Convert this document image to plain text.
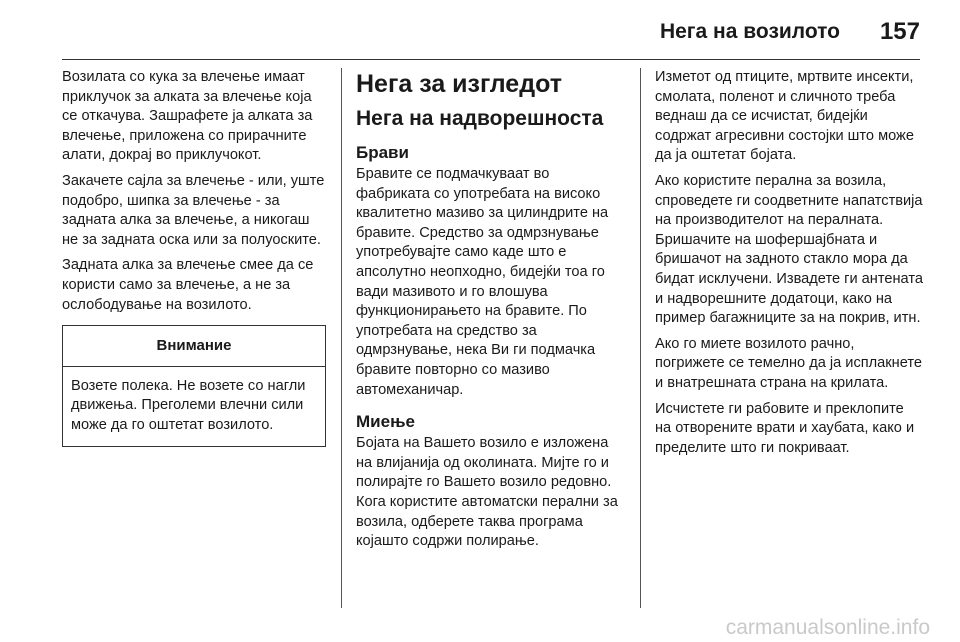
Нега на возилото 157

Возилата со кука за влечење имаат приклучок за алката за влечење која се откачува. Зашрафете ја алката за влечење, приложена со прирачните алати, докрај во приклучокот.

Закачете сајла за влечење - или, уште подобро, шипка за влечење - за задната алка за влечење, а никогаш не за задната оска или за полуоските.

Задната алка за влечење смее да се користи само за влечење, а не за ослободување на возилото.

Внимание
Возете полека. Не возете со нагли движења. Преголеми влечни сили може да го оштетат возилото.
Нега за изгледот
Нега на надворешноста
Брави

Бравите се подмачкуваат во фабриката со употребата на високо квалитетно мазиво за цилиндрите на бравите. Средство за одмрзнување употребувајте само каде што е апсолутно неопходно, бидејќи тоа го вади мазивото и го влошува функционирањето на бравите. По употребата на средство за одмрзнување, нека Ви ги подмачка бравите повторно со мазиво автомеханичар.

Миење

Бојата на Вашето возило е изложена на влијанија од околината. Мијте го и полирајте го Вашето возило редовно. Кога користите автоматски перални за возила, одберете таква програма којашто содржи полирање.

Изметот од птиците, мртвите инсекти, смолата, поленот и сличното треба веднаш да се исчистат, бидејќи содржат агресивни состојки што може да ја оштетат бојата.

Ако користите перална за возила, спроведете ги соодветните напатствија на производителот на пералната. Бришачите на шофершајбната и бришачот на задното стакло мора да бидат исклучени. Извадете ги антената и надворешните додатоци, како на пример багажниците за на покрив, итн.

Ако го миете возилото рачно, погрижете се темелно да ја исплакнете и внатрешната страна на крилата.

Исчистете ги рабовите и преклопите на отворените врати и хаубата, како и пределите што ги покриваат.

carmanualsonline.info
